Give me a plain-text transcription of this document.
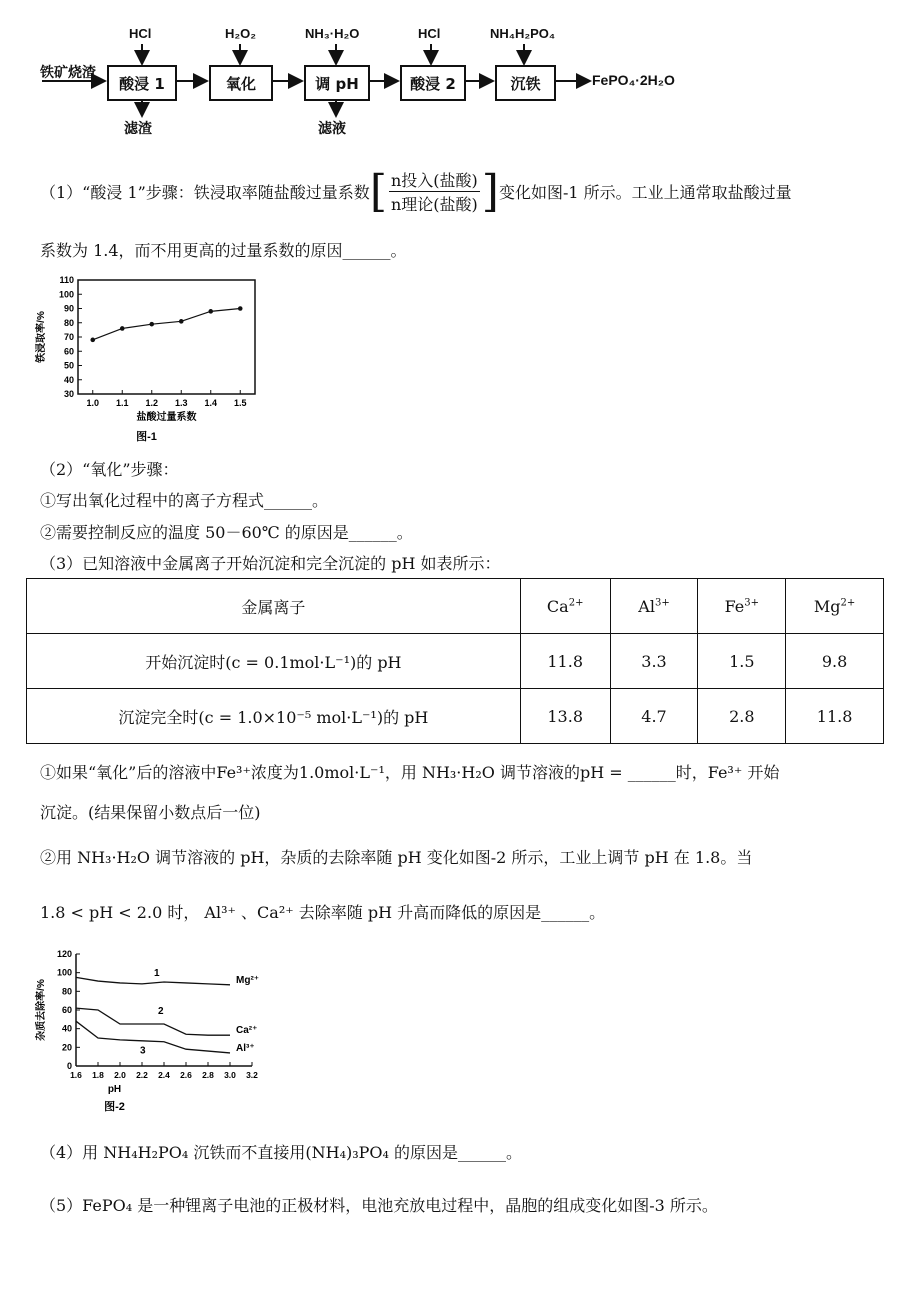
铁矿烧渣
酸浸 1	氧化	调 pH	酸浸 2	沉铁
HCl	H₂O₂	NH₃·H₂O	HCl	NH₄H₂PO₄
滤渣	滤液
FePO₄·2H₂O
（1）“酸浸 1”步骤：铁浸取率随盐酸过量系数 [ $\frac{\text{n投入(盐酸)}}{\text{n理论(盐酸)}}$ ] 变化如图-1 所示。工业上通常取盐酸过量
系数为 1.4，而不用更高的过量系数的原因______。
30
40
50
60
70
80
90
100
110
1.0 1.1 1.2 1.3 1.4 1.5
盐酸过量系数
铁浸取率/%
图-1
（2）“氧化”步骤：
①写出氧化过程中的离子方程式______。
②需要控制反应的温度 50－60℃ 的原因是______。
（3）已知溶液中金属离子开始沉淀和完全沉淀的 pH 如表所示：
金属离子	$Ca^{2+}$	$Al^{3+}$	$Fe^{3+}$	$Mg^{2+}$
开始沉淀时(c = 0.1mol·L⁻¹)的 pH	11.8	3.3	1.5	9.8
沉淀完全时(c = 1.0×10⁻⁵ mol·L⁻¹)的 pH	13.8	4.7	2.8	11.8
①如果“氧化”后的溶液中Fe³⁺浓度为1.0mol·L⁻¹，用 NH₃·H₂O 调节溶液的pH = ______时，Fe³⁺ 开始
沉淀。(结果保留小数点后一位)
②用 NH₃·H₂O 调节溶液的 pH，杂质的去除率随 pH 变化如图-2 所示，工业上调节 pH 在 1.8。当
1.8 < pH < 2.0 时， Al³⁺ 、Ca²⁺ 去除率随 pH 升高而降低的原因是______。
0
20
40
60
80
100
120
1.6 1.8 2.0 2.2 2.4 2.6 2.8 3.0 3.2
Mg²⁺
1
Ca²⁺
2
Al³⁺
3
pH
杂质去除率/%
图-2
（4）用 NH₄H₂PO₄ 沉铁而不直接用(NH₄)₃PO₄ 的原因是______。
（5）FePO₄ 是一种锂离子电池的正极材料，电池充放电过程中，晶胞的组成变化如图-3 所示。
